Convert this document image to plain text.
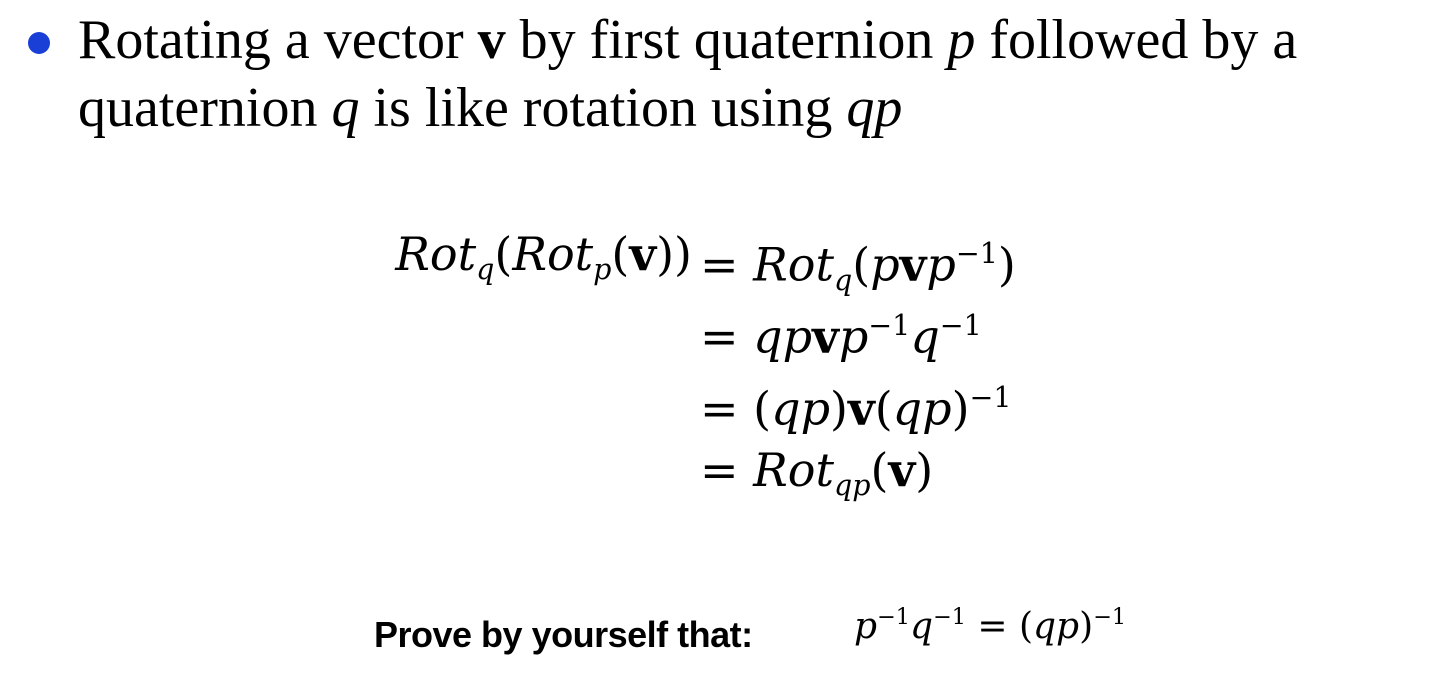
Rotating a vector v by first quaternion p followed by a
quaternion q is like rotation using qp
Rot$_q$(Rot$_p$(v)) = Rot$_q$(pvp$^{-1}$)
= $qpvp^{-1}q^{-1}$
= (qp)v(qp)$^{-1}$
= Rot$_{qp}$(v)
Prove by yourself that:	$p^{-1}q^{-1} = (qp)^{-1}$
